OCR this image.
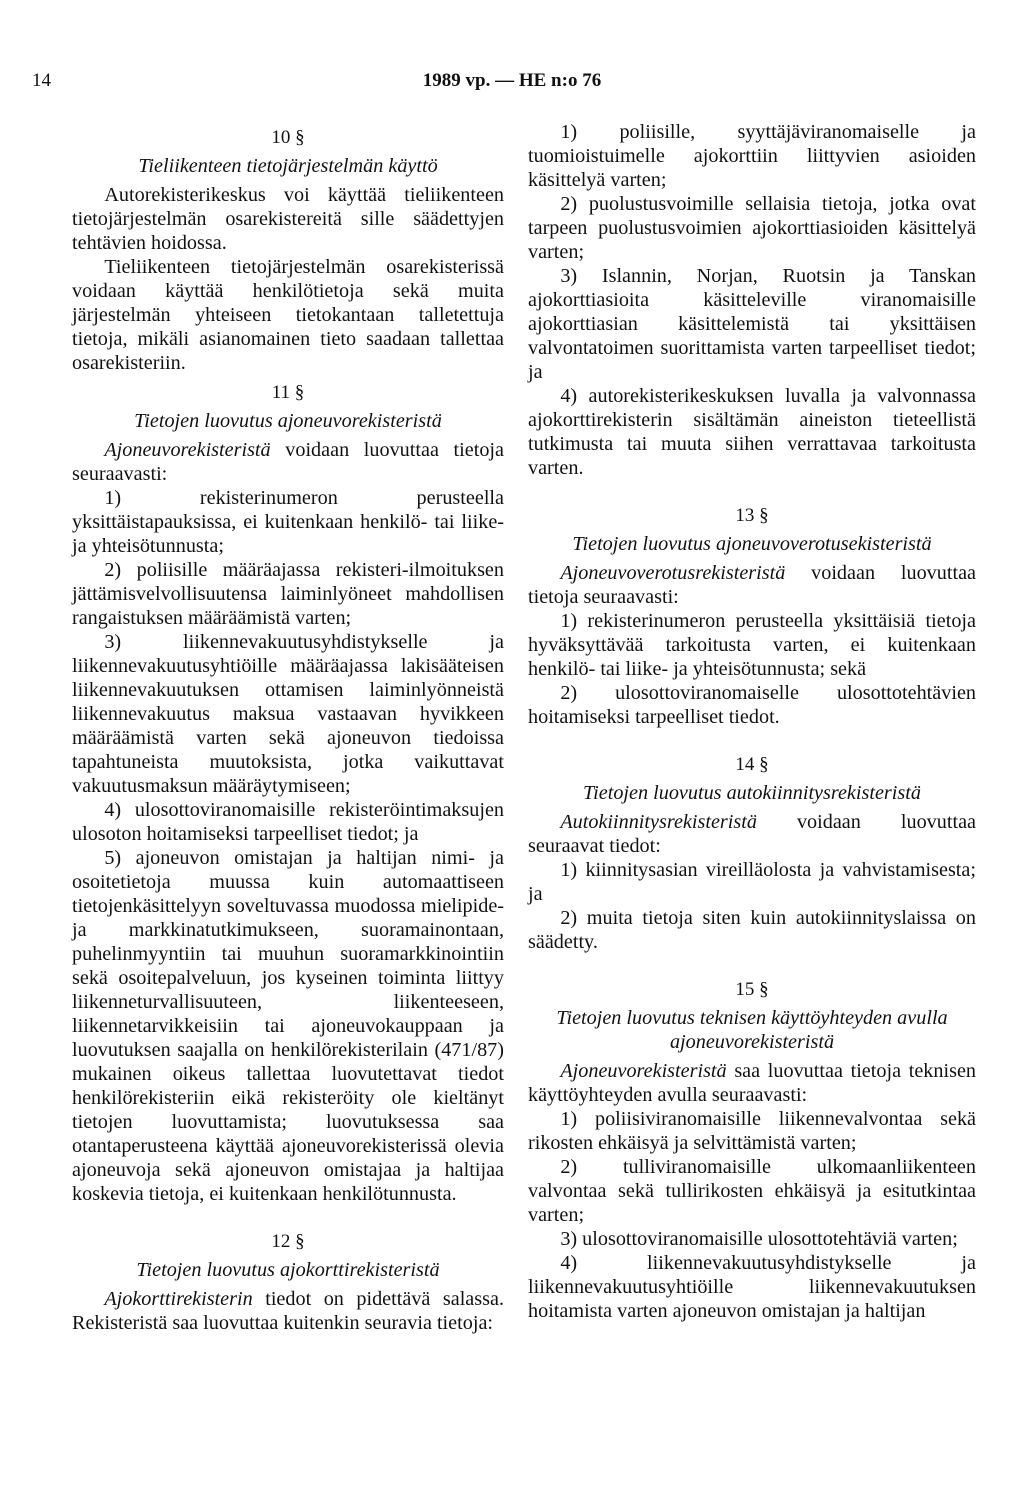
14	1989 vp. — HE n:o 76
10 §
Tieliikenteen tietojärjestelmän käyttö

Autorekisterikeskus voi käyttää tieliikenteen tietojärjestelmän osarekistereitä sille säädettyjen tehtävien hoidossa.

Tieliikenteen tietojärjestelmän osarekisterissä voidaan käyttää henkilötietoja sekä muita järjestelmän yhteiseen tietokantaan talletettuja tietoja, mikäli asianomainen tieto saadaan tallettaa osarekisteriin.

11 §
Tietojen luovutus ajoneuvorekisteristä

Ajoneuvorekisteristä voidaan luovuttaa tietoja seuraavasti:

1) rekisterinumeron perusteella yksittäistapauksissa, ei kuitenkaan henkilö- tai liike- ja yhteisötunnusta;

2) poliisille määräajassa rekisteri-ilmoituksen jättämisvelvollisuutensa laiminlyöneet mahdollisen rangaistuksen määräämistä varten;

3) liikennevakuutusyhdistykselle ja liikennevakuutusyhtiöille määräajassa lakisääteisen liikennevakuutuksen ottamisen laiminlyönneistä liikennevakuutus maksua vastaavan hyvikkeen määräämistä varten sekä ajoneuvon tiedoissa tapahtuneista muutoksista, jotka vaikuttavat vakuutusmaksun määräytymiseen;

4) ulosottoviranomaisille rekisteröintimaksujen ulosoton hoitamiseksi tarpeelliset tiedot; ja

5) ajoneuvon omistajan ja haltijan nimi- ja osoitetietoja muussa kuin automaattiseen tietojenkäsittelyyn soveltuvassa muodossa mielipide- ja markkinatutkimukseen, suoramainontaan, puhelinmyyntiin tai muuhun suoramarkkinointiin sekä osoitepalveluun, jos kyseinen toiminta liittyy liikenneturvallisuuteen, liikenteeseen, liikennetarvikkeisiin tai ajoneuvokauppaan ja luovutuksen saajalla on henkilörekisterilain (471/87) mukainen oikeus tallettaa luovutettavat tiedot henkilörekisteriin eikä rekisteröity ole kieltänyt tietojen luovuttamista; luovutuksessa saa otantaperusteena käyttää ajoneuvorekisterissä olevia ajoneuvoja sekä ajoneuvon omistajaa ja haltijaa koskevia tietoja, ei kuitenkaan henkilötunnusta.

12 §
Tietojen luovutus ajokorttirekisteristä

Ajokorttirekisterin tiedot on pidettävä salassa. Rekisteristä saa luovuttaa kuitenkin seuravia tietoja:

1) poliisille, syyttäjäviranomaiselle ja tuomioistuimelle ajokorttiin liittyvien asioiden käsittelyä varten;

2) puolustusvoimille sellaisia tietoja, jotka ovat tarpeen puolustusvoimien ajokorttiasioiden käsittelyä varten;

3) Islannin, Norjan, Ruotsin ja Tanskan ajokorttiasioita käsitteleville viranomaisille ajokorttiasian käsittelemistä tai yksittäisen valvontatoimen suorittamista varten tarpeelliset tiedot; ja

4) autorekisterikeskuksen luvalla ja valvonnassa ajokorttirekisterin sisältämän aineiston tieteellistä tutkimusta tai muuta siihen verrattavaa tarkoitusta varten.

13 §
Tietojen luovutus ajoneuvoverotusekisteristä

Ajoneuvoverotusrekisteristä voidaan luovuttaa tietoja seuraavasti:

1) rekisterinumeron perusteella yksittäisiä tietoja hyväksyttävää tarkoitusta varten, ei kuitenkaan henkilö- tai liike- ja yhteisötunnusta; sekä

2) ulosottoviranomaiselle ulosottotehtävien hoitamiseksi tarpeelliset tiedot.

14 §
Tietojen luovutus autokiinnitysrekisteristä

Autokiinnitysrekisteristä voidaan luovuttaa seuraavat tiedot:

1) kiinnitysasian vireilläolosta ja vahvistamisesta; ja

2) muita tietoja siten kuin autokiinnityslaissa on säädetty.

15 §
Tietojen luovutus teknisen käyttöyhteyden avulla ajoneuvorekisteristä

Ajoneuvorekisteristä saa luovuttaa tietoja teknisen käyttöyhteyden avulla seuraavasti:

1) poliisiviranomaisille liikennevalvontaa sekä rikosten ehkäisyä ja selvittämistä varten;

2) tulliviranomaisille ulkomaanliikenteen valvontaa sekä tullirikosten ehkäisyä ja esitutkintaa varten;

3) ulosottoviranomaisille ulosottotehtäviä varten;

4) liikennevakuutusyhdistykselle ja liikennevakuutusyhtiöille liikennevakuutuksen hoitamista varten ajoneuvon omistajan ja haltijan
